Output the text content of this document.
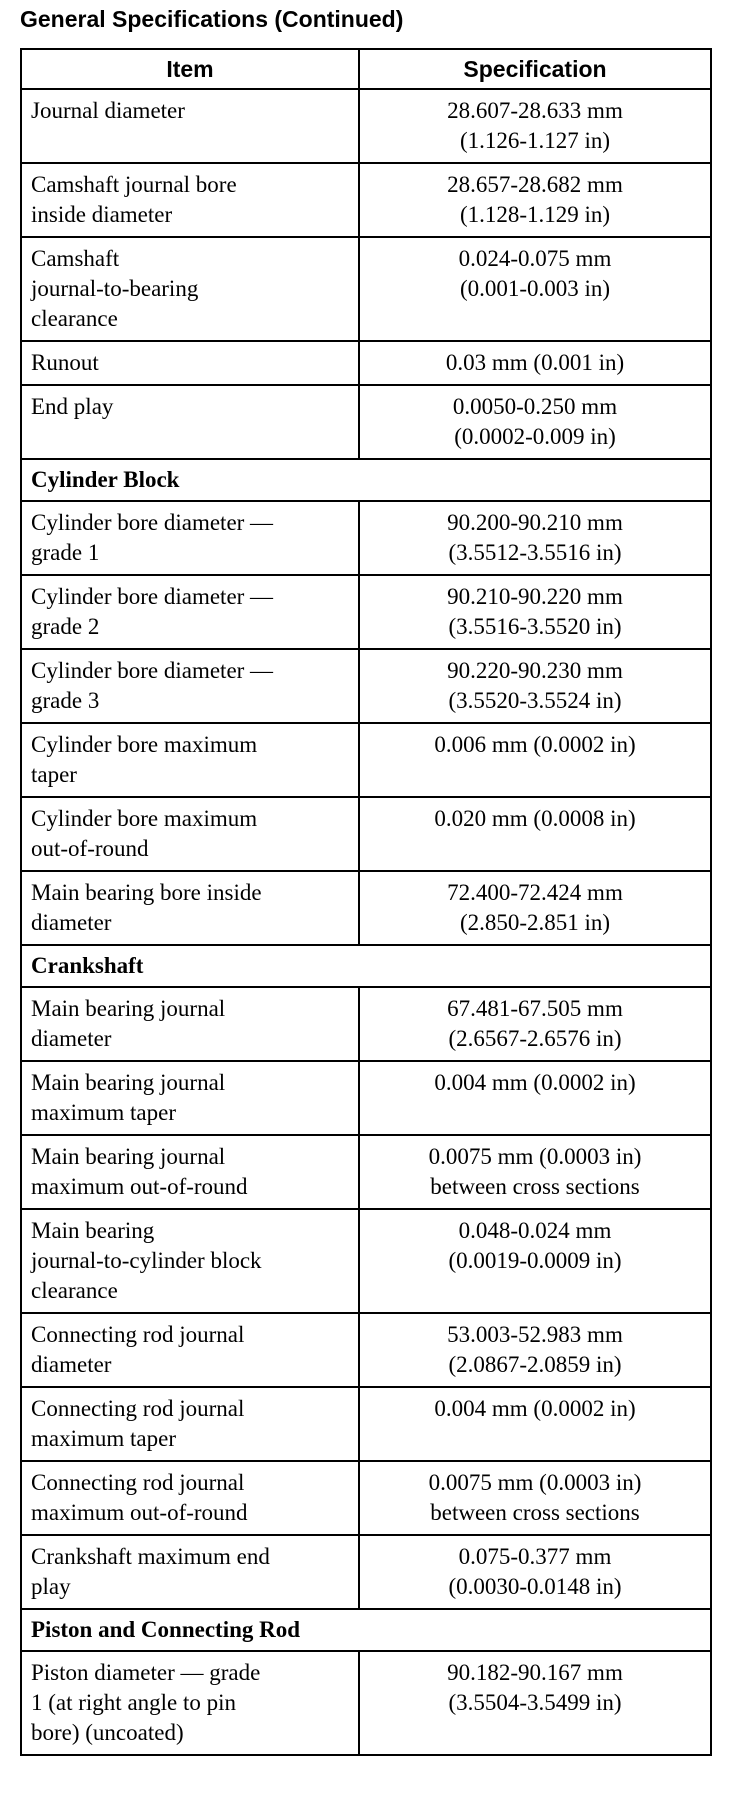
General Specifications (Continued)
Item	Specification

Journal diameter	28.607-28.633 mm
(1.126-1.127 in)

Camshaft journal bore
inside diameter	28.657-28.682 mm
(1.128-1.129 in)

Camshaft
journal-to-bearing
clearance	0.024-0.075 mm
(0.001-0.003 in)

Runout	0.03 mm (0.001 in)

End play	0.0050-0.250 mm
(0.0002-0.009 in)

Cylinder Block	

Cylinder bore diameter —
grade 1	90.200-90.210 mm
(3.5512-3.5516 in)

Cylinder bore diameter —
grade 2	90.210-90.220 mm
(3.5516-3.5520 in)

Cylinder bore diameter —
grade 3	90.220-90.230 mm
(3.5520-3.5524 in)

Cylinder bore maximum
taper	0.006 mm (0.0002 in)

Cylinder bore maximum
out-of-round	0.020 mm (0.0008 in)

Main bearing bore inside
diameter	72.400-72.424 mm
(2.850-2.851 in)

Crankshaft	

Main bearing journal
diameter	67.481-67.505 mm
(2.6567-2.6576 in)

Main bearing journal
maximum taper	0.004 mm (0.0002 in)

Main bearing journal
maximum out-of-round	0.0075 mm (0.0003 in)
between cross sections

Main bearing
journal-to-cylinder block
clearance	0.048-0.024 mm
(0.0019-0.0009 in)

Connecting rod journal
diameter	53.003-52.983 mm
(2.0867-2.0859 in)

Connecting rod journal
maximum taper	0.004 mm (0.0002 in)

Connecting rod journal
maximum out-of-round	0.0075 mm (0.0003 in)
between cross sections

Crankshaft maximum end
play	0.075-0.377 mm
(0.0030-0.0148 in)

Piston and Connecting Rod	

Piston diameter — grade
1 (at right angle to pin
bore) (uncoated)	90.182-90.167 mm
(3.5504-3.5499 in)
